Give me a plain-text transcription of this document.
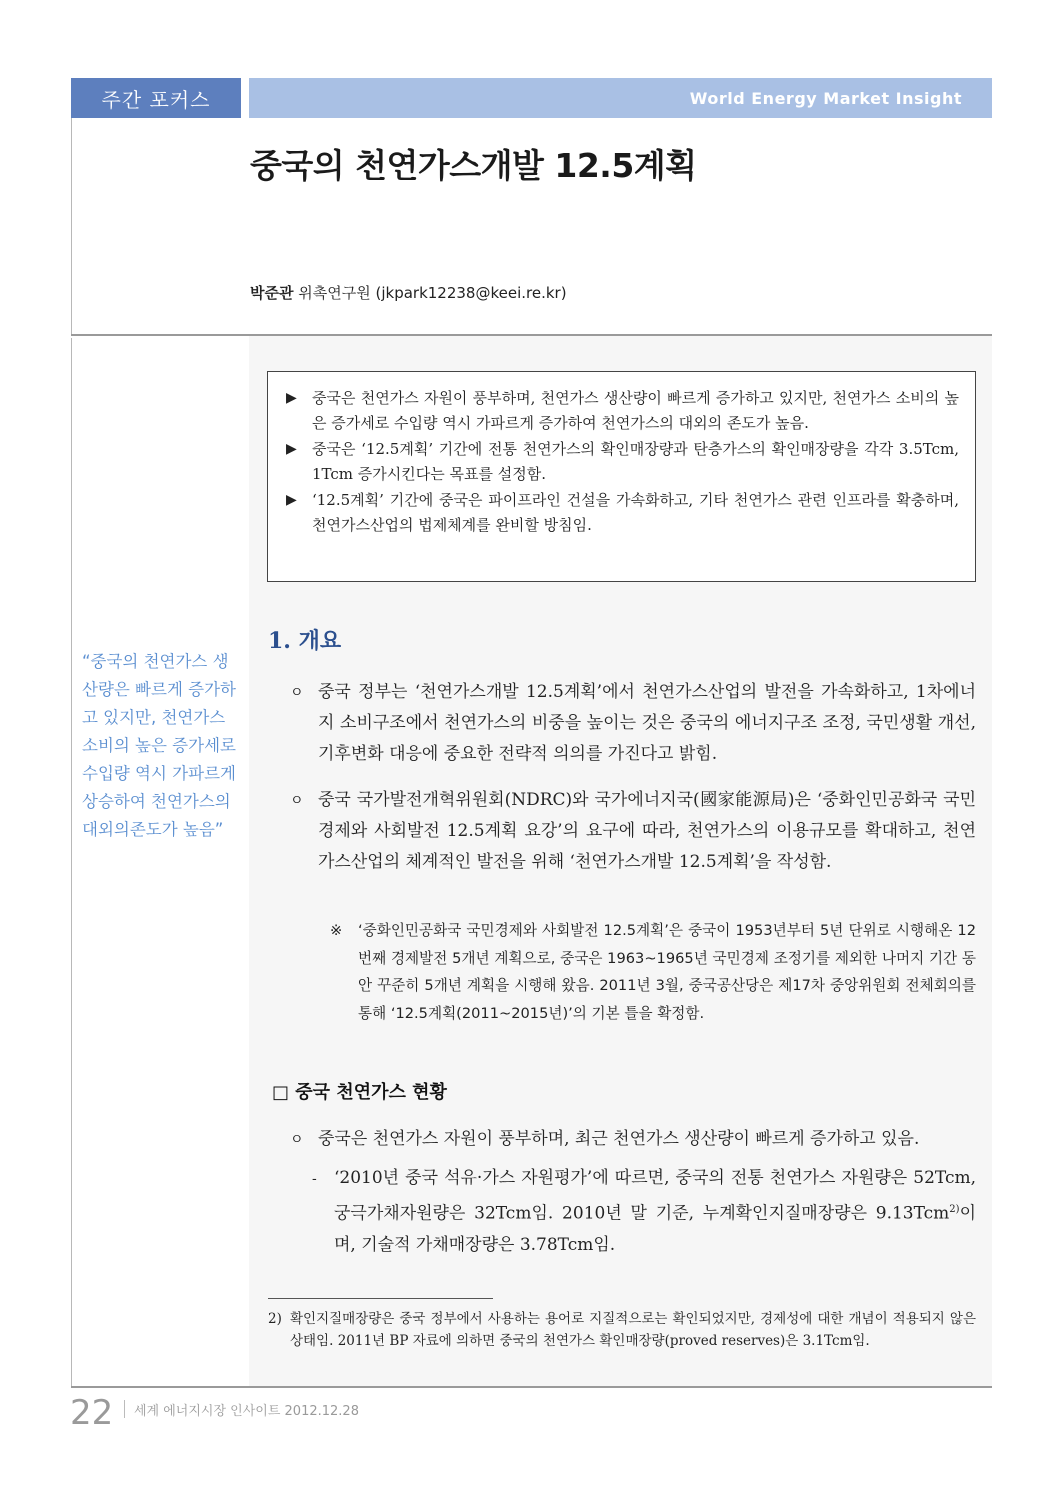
주간 포커스	World Energy Market Insight
중국의 천연가스개발 12.5계획
박준관 위촉연구원 (jkpark12238@keei.re.kr)
“중국의 천연가스 생산량은 빠르게 증가하고 있지만, 천연가스 소비의 높은 증가세로 수입량 역시 가파르게 상승하여 천연가스의 대외의존도가 높음”
▶	중국은 천연가스 자원이 풍부하며, 천연가스 생산량이 빠르게 증가하고 있지만, 천연가스 소비의 높은 증가세로 수입량 역시 가파르게 증가하여 천연가스의 대외의 존도가 높음.
▶	중국은 ‘12.5계획’ 기간에 전통 천연가스의 확인매장량과 탄층가스의 확인매장량을 각각 3.5Tcm, 1Tcm 증가시킨다는 목표를 설정함.
▶	‘12.5계획’ 기간에 중국은 파이프라인 건설을 가속화하고, 기타 천연가스 관련 인프라를 확충하며, 천연가스산업의 법제체계를 완비할 방침임.
1. 개요
ㅇ 중국 정부는 ‘천연가스개발 12.5계획’에서 천연가스산업의 발전을 가속화하고, 1차에너지 소비구조에서 천연가스의 비중을 높이는 것은 중국의 에너지구조 조정, 국민생활 개선, 기후변화 대응에 중요한 전략적 의의를 가진다고 밝힘.
ㅇ 중국 국가발전개혁위원회(NDRC)와 국가에너지국(國家能源局)은 ‘중화인민공화국 국민경제와 사회발전 12.5계획 요강’의 요구에 따라, 천연가스의 이용규모를 확대하고, 천연가스산업의 체계적인 발전을 위해 ‘천연가스개발 12.5계획’을 작성함.
※	‘중화인민공화국 국민경제와 사회발전 12.5계획’은 중국이 1953년부터 5년 단위로 시행해온 12번째 경제발전 5개년 계획으로, 중국은 1963~1965년 국민경제 조정기를 제외한 나머지 기간 동안 꾸준히 5개년 계획을 시행해 왔음. 2011년 3월, 중국공산당은 제17차 중앙위원회 전체회의를 통해 ‘12.5계획(2011~2015년)’의 기본 틀을 확정함.
□ 중국 천연가스 현황
ㅇ 중국은 천연가스 자원이 풍부하며, 최근 천연가스 생산량이 빠르게 증가하고 있음.
-	‘2010년 중국 석유·가스 자원평가’에 따르면, 중국의 전통 천연가스 자원량은 52Tcm, 궁극가채자원량은 32Tcm임. 2010년 말 기준, 누계확인지질매장량은 9.13Tcm$^{2)}$이며, 기술적 가채매장량은 3.78Tcm임.
2) 확인지질매장량은 중국 정부에서 사용하는 용어로 지질적으로는 확인되었지만, 경제성에 대한 개념이 적용되지 않은 상태임. 2011년 BP 자료에 의하면 중국의 천연가스 확인매장량(proved reserves)은 3.1Tcm임.
22 세계 에너지시장 인사이트 2012.12.28
